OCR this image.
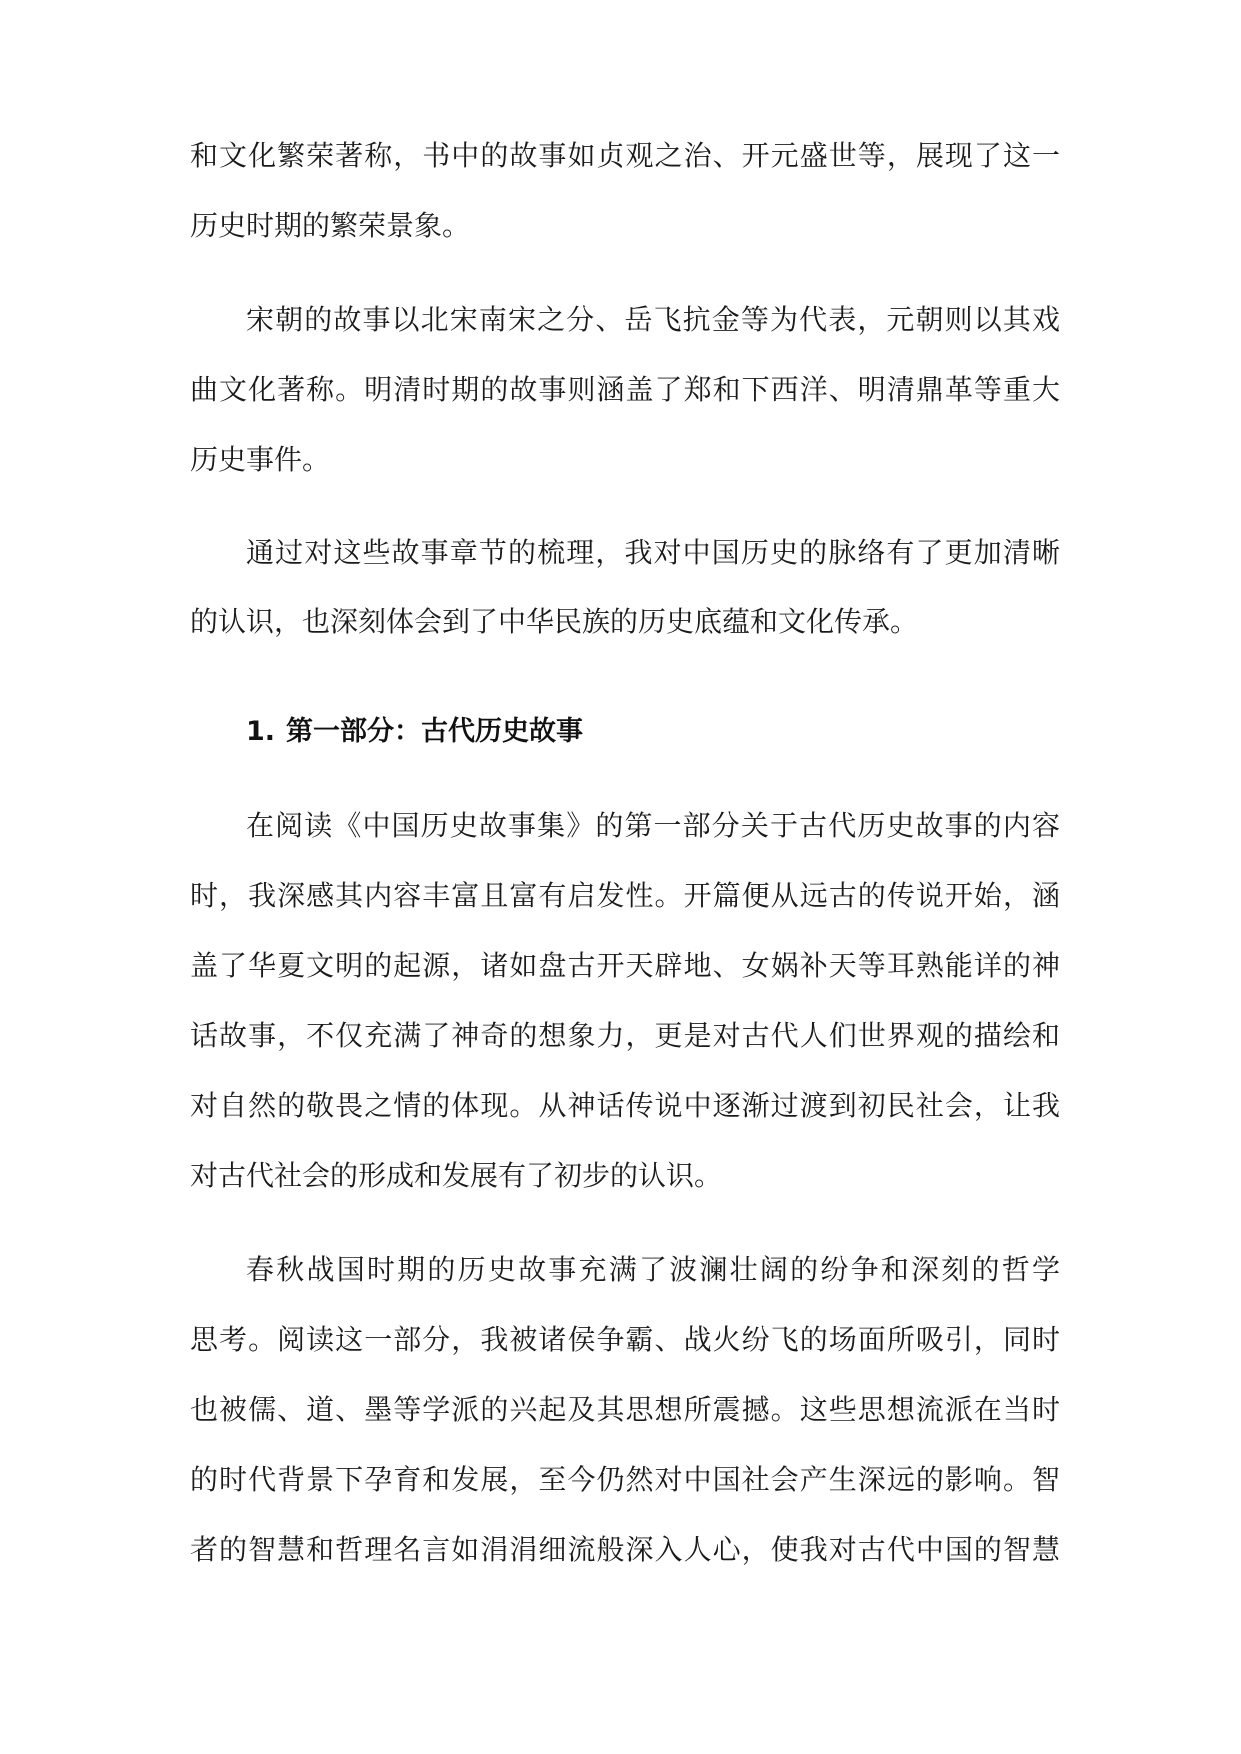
和文化繁荣著称，书中的故事如贞观之治、开元盛世等，展现了这一

历史时期的繁荣景象。

宋朝的故事以北宋南宋之分、岳飞抗金等为代表，元朝则以其戏

曲文化著称。明清时期的故事则涵盖了郑和下西洋、明清鼎革等重大

历史事件。

通过对这些故事章节的梳理，我对中国历史的脉络有了更加清晰

的认识，也深刻体会到了中华民族的历史底蕴和文化传承。

1. 第一部分：古代历史故事

在阅读《中国历史故事集》的第一部分关于古代历史故事的内容

时，我深感其内容丰富且富有启发性。开篇便从远古的传说开始，涵

盖了华夏文明的起源，诸如盘古开天辟地、女娲补天等耳熟能详的神

话故事，不仅充满了神奇的想象力，更是对古代人们世界观的描绘和

对自然的敬畏之情的体现。从神话传说中逐渐过渡到初民社会，让我

对古代社会的形成和发展有了初步的认识。

春秋战国时期的历史故事充满了波澜壮阔的纷争和深刻的哲学

思考。阅读这一部分，我被诸侯争霸、战火纷飞的场面所吸引，同时

也被儒、道、墨等学派的兴起及其思想所震撼。这些思想流派在当时

的时代背景下孕育和发展，至今仍然对中国社会产生深远的影响。智

者的智慧和哲理名言如涓涓细流般深入人心，使我对古代中国的智慧
